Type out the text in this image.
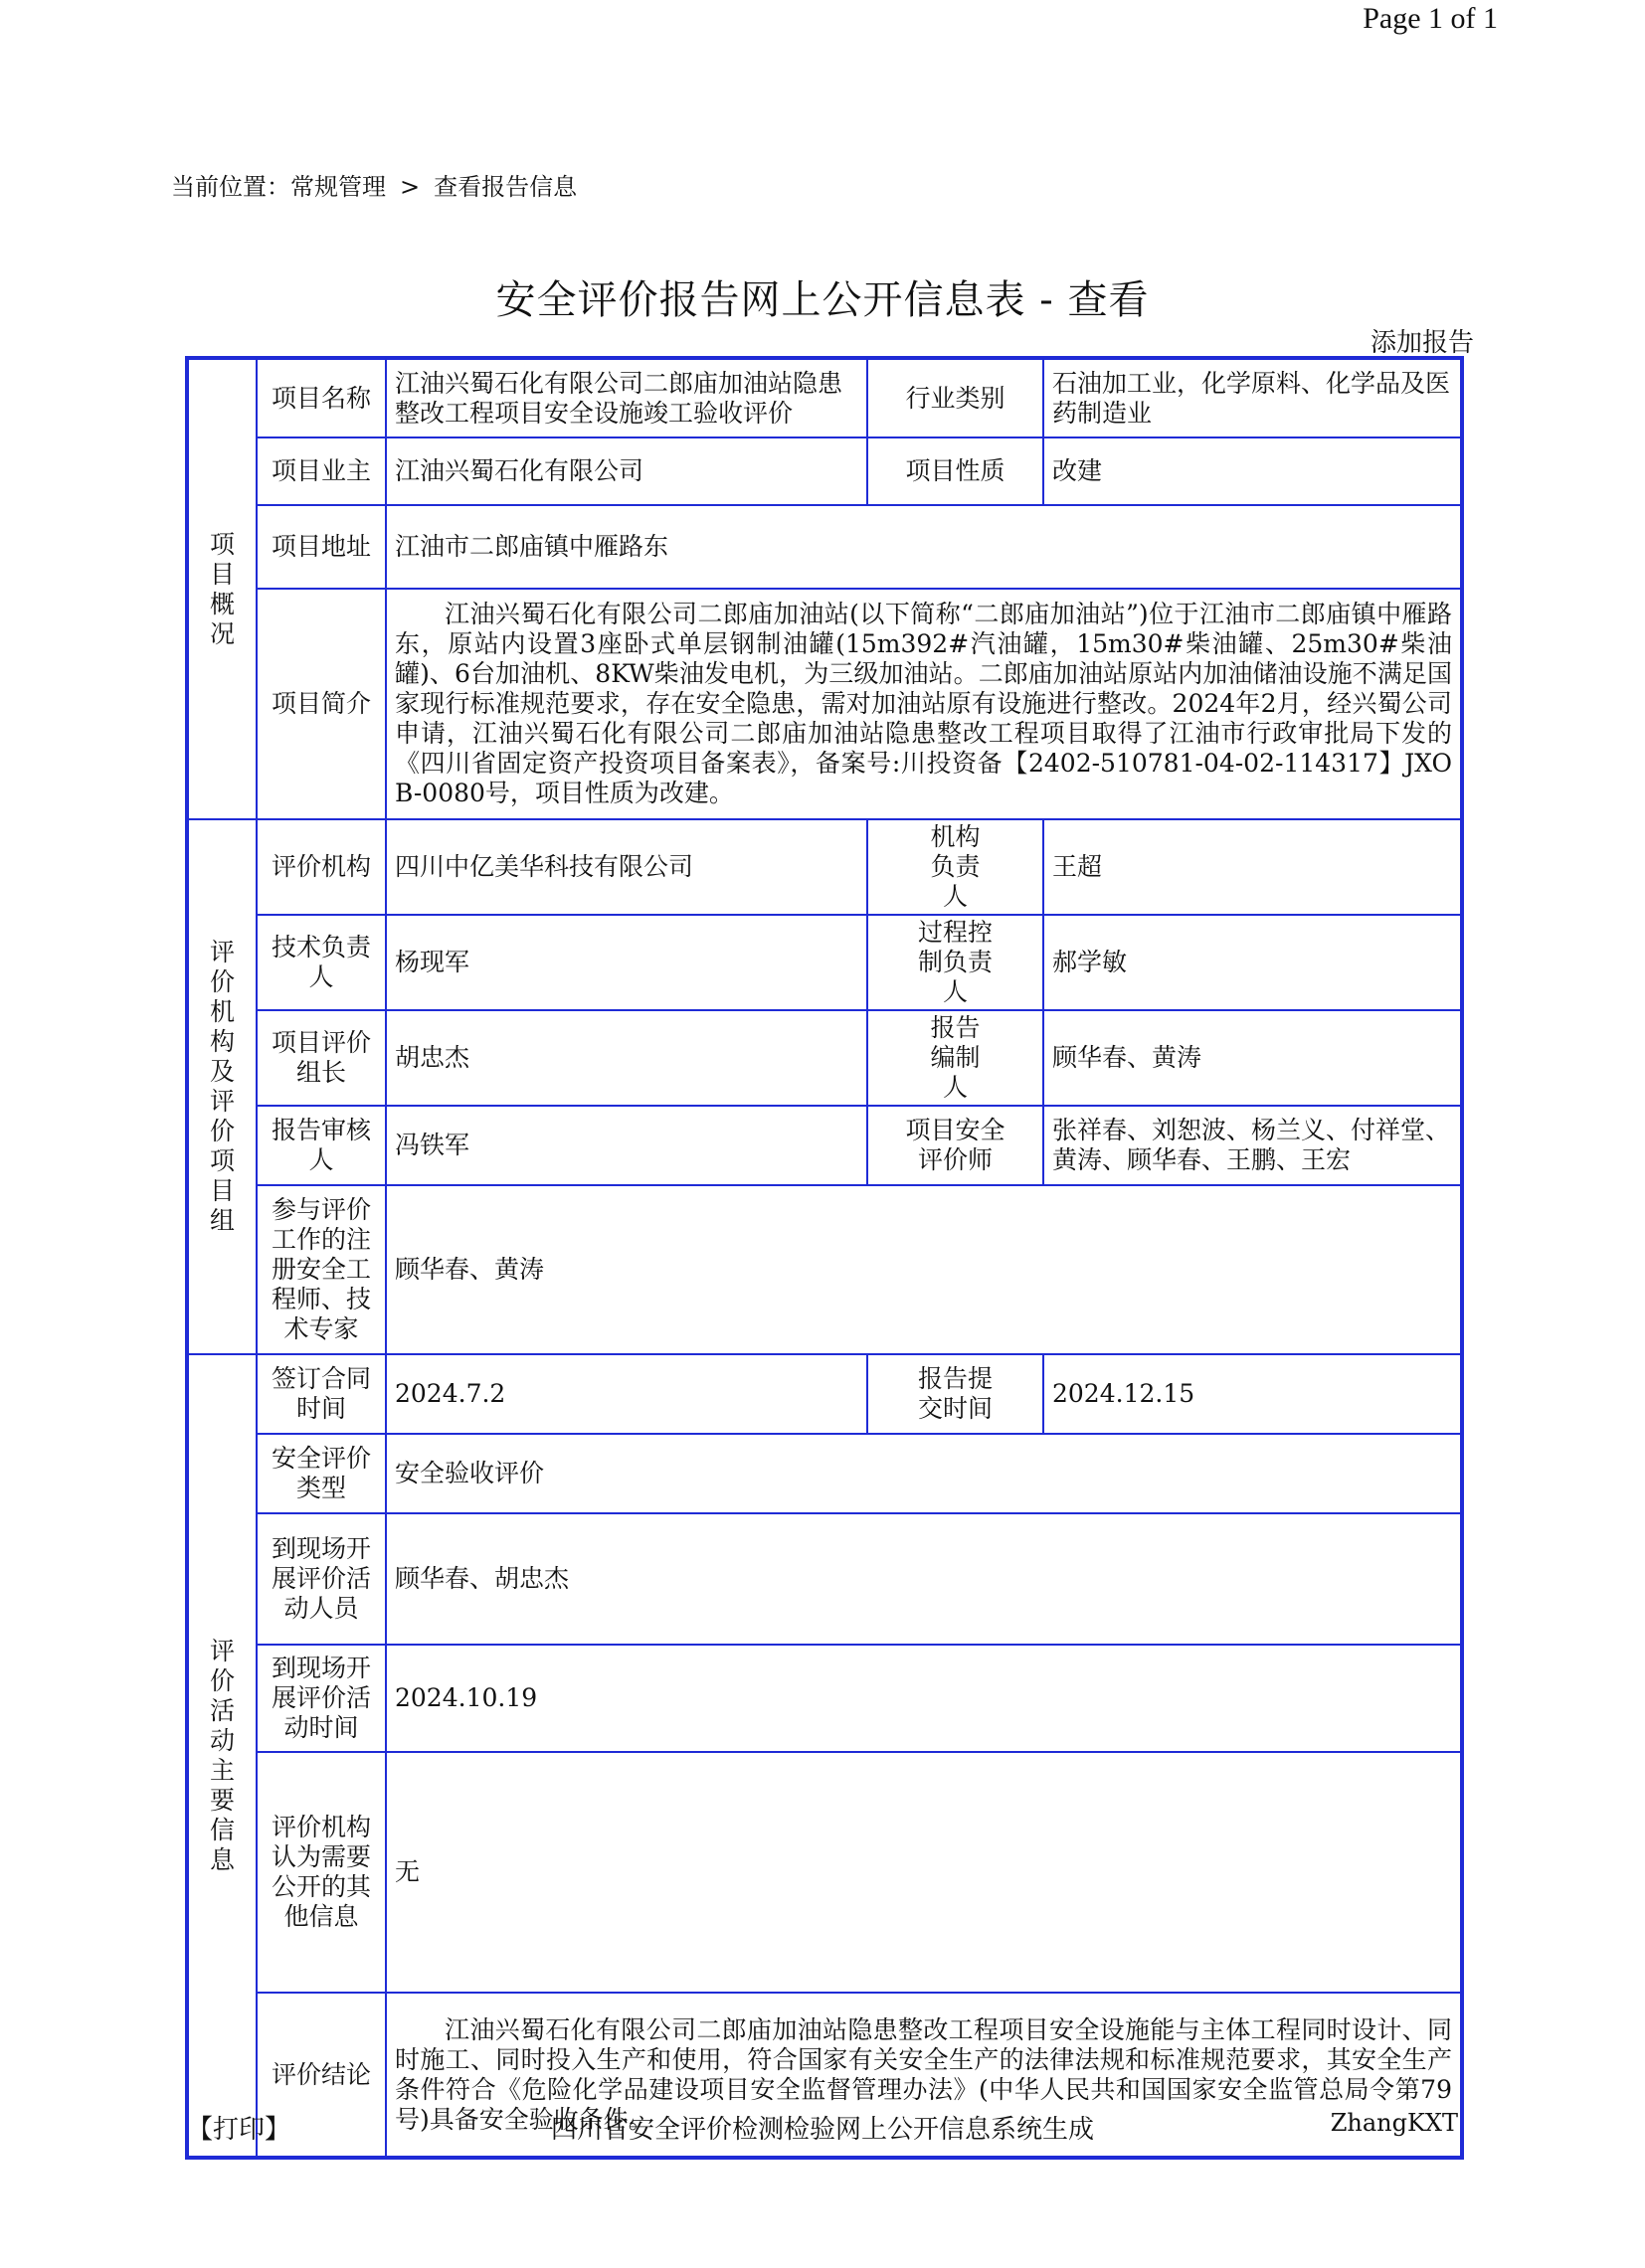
Page 1 of 1
当前位置：常规管理 > 查看报告信息
安全评价报告网上公开信息表 - 查看
添加报告
项目概况	项目名称	江油兴蜀石化有限公司二郎庙加油站隐患整改工程项目安全设施竣工验收评价	行业类别	石油加工业，化学原料、化学品及医药制造业
	项目业主	江油兴蜀石化有限公司	项目性质	改建
	项目地址	江油市二郎庙镇中雁路东		
	项目简介	江油兴蜀石化有限公司二郎庙加油站(以下简称“二郎庙加油站”)位于江油市二郎庙镇中雁路东，原站内设置3座卧式单层钢制油罐(15m392#汽油罐，15m30#柴油罐、25m30#柴油罐)、6台加油机、8KW柴油发电机，为三级加油站。二郎庙加油站原站内加油储油设施不满足国家现行标准规范要求，存在安全隐患，需对加油站原有设施进行整改。2024年2月，经兴蜀公司申请，江油兴蜀石化有限公司二郎庙加油站隐患整改工程项目取得了江油市行政审批局下发的《四川省固定资产投资项目备案表》，备案号:川投资备【2402-510781-04-02-114317】JXOB-0080号，项目性质为改建。		
评价机构及评价项目组	评价机构	四川中亿美华科技有限公司	机构负责人	王超
	技术负责人	杨现军	过程控制负责人	郝学敏
	项目评价组长	胡忠杰	报告编制人	顾华春、黄涛
	报告审核人	冯铁军	项目安全评价师	张祥春、刘恕波、杨兰义、付祥堂、黄涛、顾华春、王鹏、王宏
	参与评价工作的注册安全工程师、技术专家	顾华春、黄涛		
评价活动主要信息	签订合同时间	2024.7.2	报告提交时间	2024.12.15
	安全评价类型	安全验收评价		
	到现场开展评价活动人员	顾华春、胡忠杰		
	到现场开展评价活动时间	2024.10.19		
	评价机构认为需要公开的其他信息	无		
	评价结论	江油兴蜀石化有限公司二郎庙加油站隐患整改工程项目安全设施能与主体工程同时设计、同时施工、同时投入生产和使用，符合国家有关安全生产的法律法规和标准规范要求，其安全生产条件符合《危险化学品建设项目安全监督管理办法》(中华人民共和国国家安全监管总局令第79号)具备安全验收条件。		
【打印】	四川省安全评价检测检验网上公开信息系统生成	ZhangKXT
